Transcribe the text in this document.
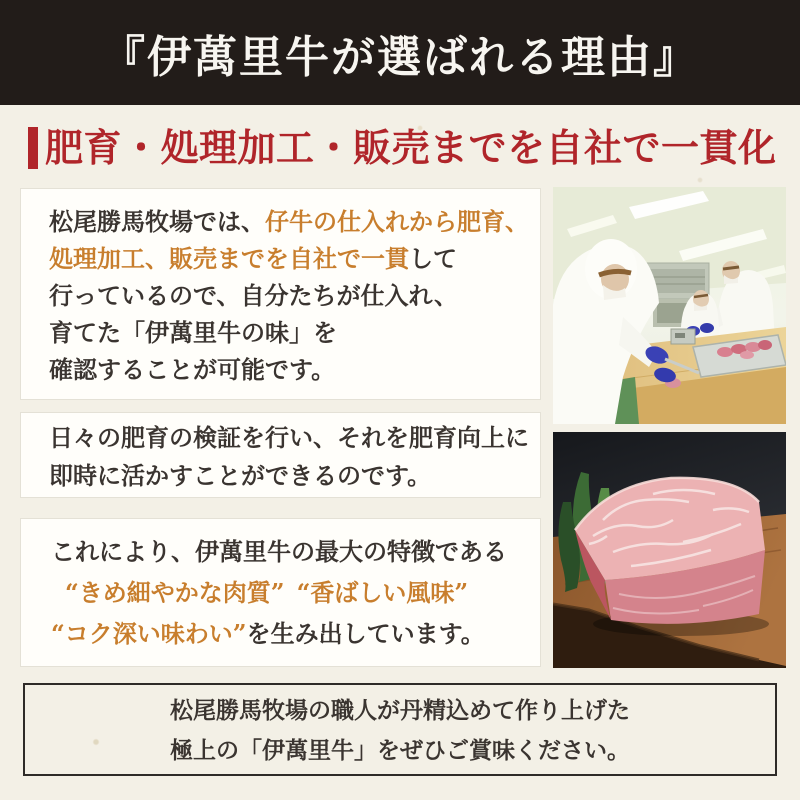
『伊萬里牛が選ばれる理由』
肥育・処理加工・販売までを自社で一貫化
松尾勝馬牧場では、仔牛の仕入れから肥育、
処理加工、販売までを自社で一貫して
行っているので、自分たちが仕入れ、
育てた「伊萬里牛の味」を
確認することが可能です。
日々の肥育の検証を行い、それを肥育向上に
即時に活かすことができるのです。
これにより、伊萬里牛の最大の特徴である
“きめ細やかな肉質” “香ばしい風味”
“コク深い味わい”を生み出しています。
松尾勝馬牧場の職人が丹精込めて作り上げた
極上の「伊萬里牛」をぜひご賞味ください。
